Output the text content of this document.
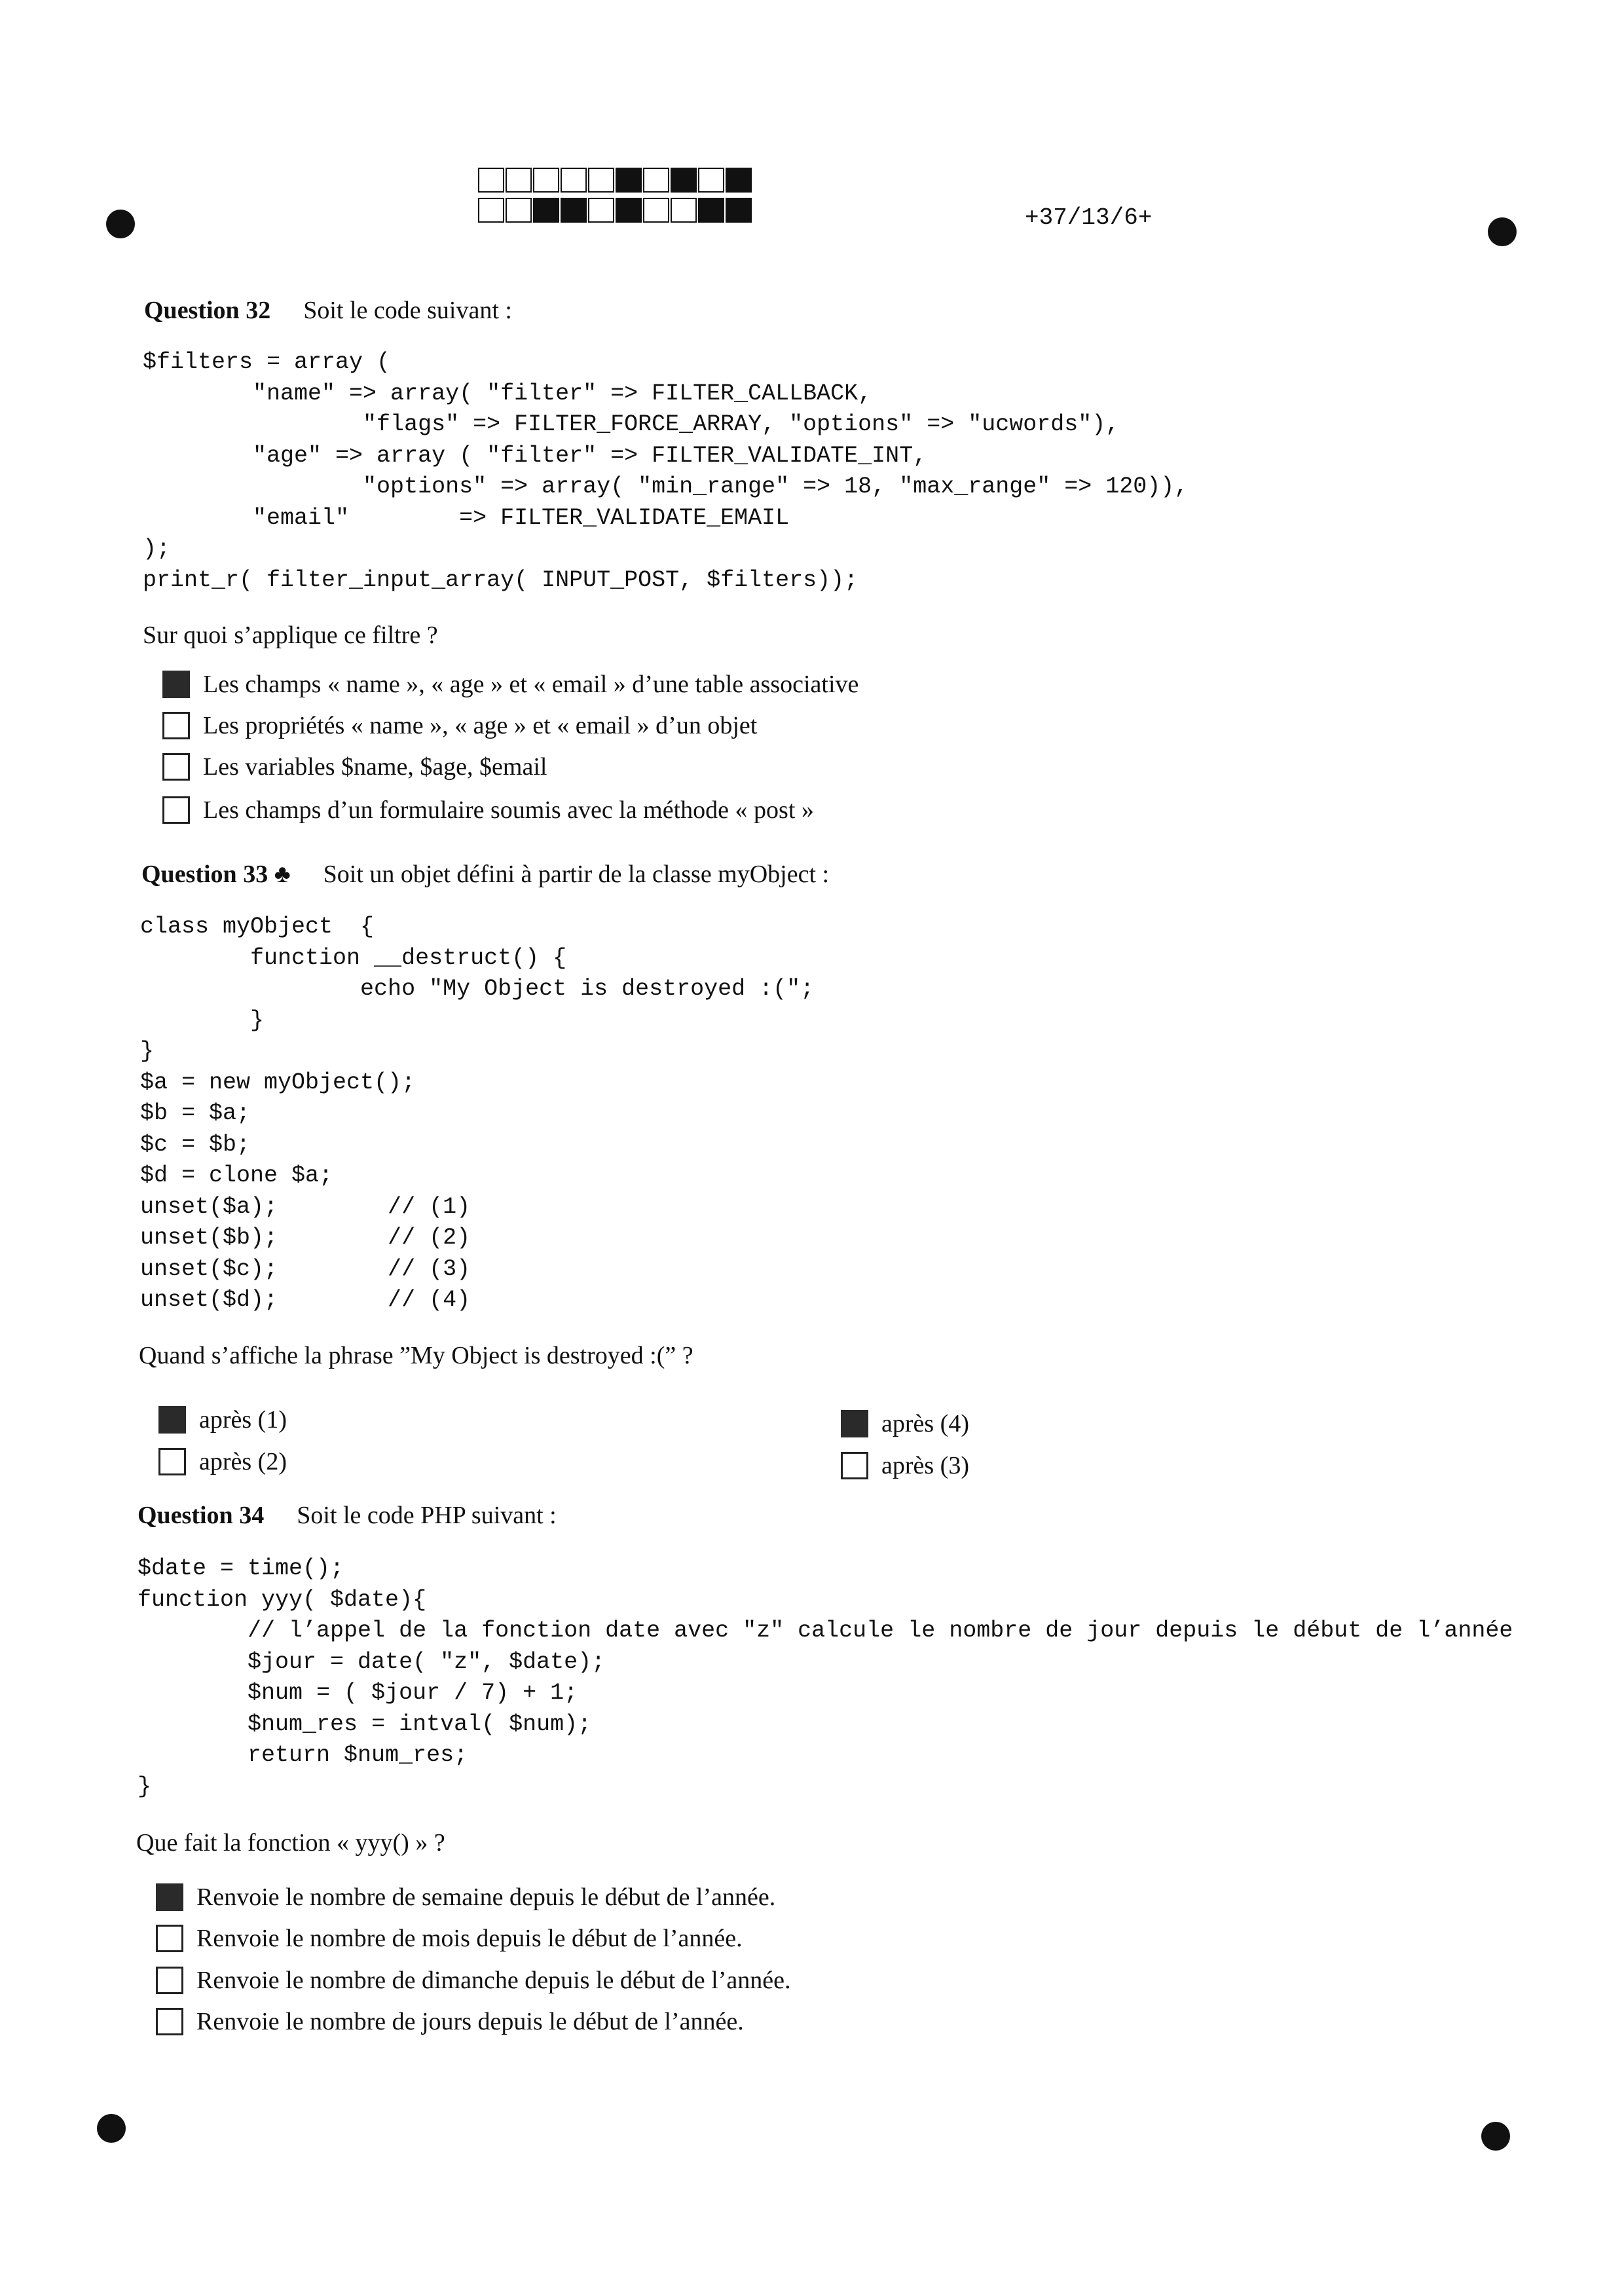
+37/13/6+
Question 32 Soit le code suivant :
$filters = array (
"name" => array( "filter" => FILTER_CALLBACK,
"flags" => FILTER_FORCE_ARRAY, "options" => "ucwords"),
"age" => array ( "filter" => FILTER_VALIDATE_INT,
"options" => array( "min_range" => 18, "max_range" => 120)),
"email"        => FILTER_VALIDATE_EMAIL
);
print_r( filter_input_array( INPUT_POST, $filters));
Sur quoi s’applique ce filtre ?
Les champs « name », « age » et « email » d’une table associative
Les propriétés « name », « age » et « email » d’un objet
Les variables $name, $age, $email
Les champs d’un formulaire soumis avec la méthode « post »
Question 33 ♣ Soit un objet défini à partir de la classe myObject :
class myObject  {
function __destruct() {
echo "My Object is destroyed :(";
}
}
$a = new myObject();
$b = $a;
$c = $b;
$d = clone $a;
unset($a);        // (1)
unset($b);        // (2)
unset($c);        // (3)
unset($d);        // (4)
Quand s’affiche la phrase ”My Object is destroyed :(” ?
après (1)
après (2)
après (4)
après (3)
Question 34 Soit le code PHP suivant :
$date = time();
function yyy( $date){
// l’appel de la fonction date avec "z" calcule le nombre de jour depuis le début de l’année
$jour = date( "z", $date);
$num = ( $jour / 7) + 1;
$num_res = intval( $num);
return $num_res;
}
Que fait la fonction « yyy() » ?
Renvoie le nombre de semaine depuis le début de l’année.
Renvoie le nombre de mois depuis le début de l’année.
Renvoie le nombre de dimanche depuis le début de l’année.
Renvoie le nombre de jours depuis le début de l’année.
